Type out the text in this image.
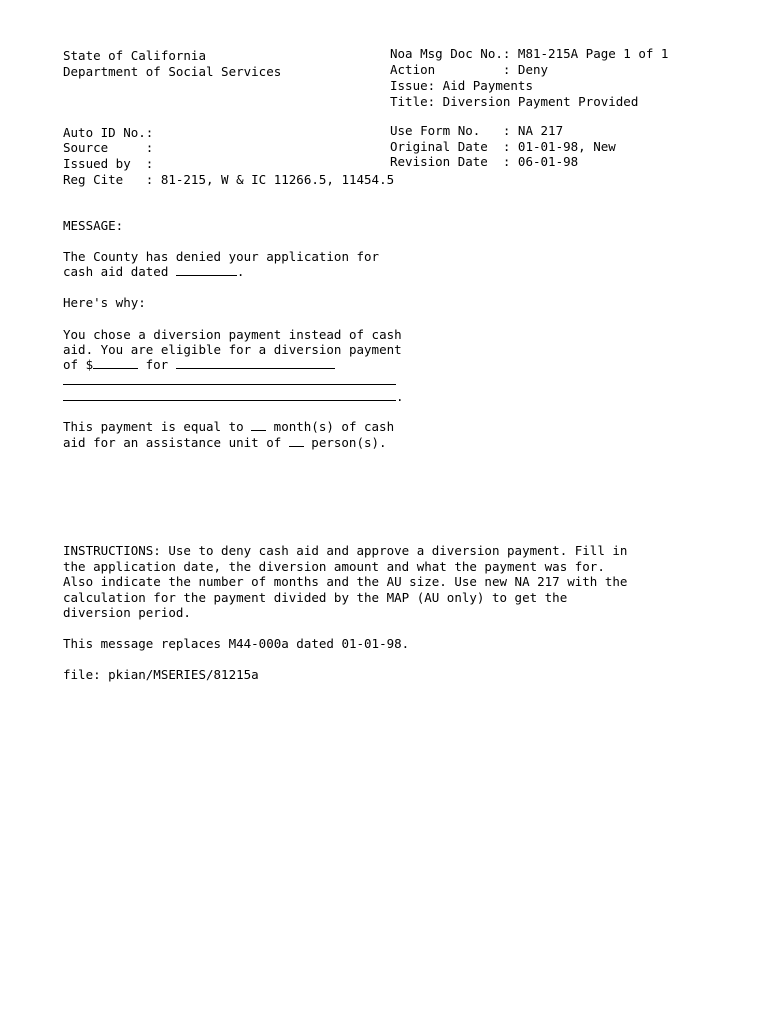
State of California
Department of Social Services
Noa Msg Doc No.: M81-215A Page 1 of 1
Action         : Deny
Issue: Aid Payments
Title: Diversion Payment Provided
Auto ID No.:
Source     :
Issued by  :
Reg Cite   : 81-215, W & IC 11266.5, 11454.5
Use Form No.   : NA 217
Original Date  : 01-01-98, New
Revision Date  : 06-01-98
MESSAGE:
The County has denied your application for
cash aid dated	.
Here's why:
You chose a diversion payment instead of cash
aid. You are eligible for a diversion payment
of $	for
.
This payment is equal to  month(s) of cash
aid for an assistance unit of  person(s).
INSTRUCTIONS: Use to deny cash aid and approve a diversion payment. Fill in
the application date, the diversion amount and what the payment was for.
Also indicate the number of months and the AU size. Use new NA 217 with the
calculation for the payment divided by the MAP (AU only) to get the
diversion period.
This message replaces M44-000a dated 01-01-98.
file: pkian/MSERIES/81215a
